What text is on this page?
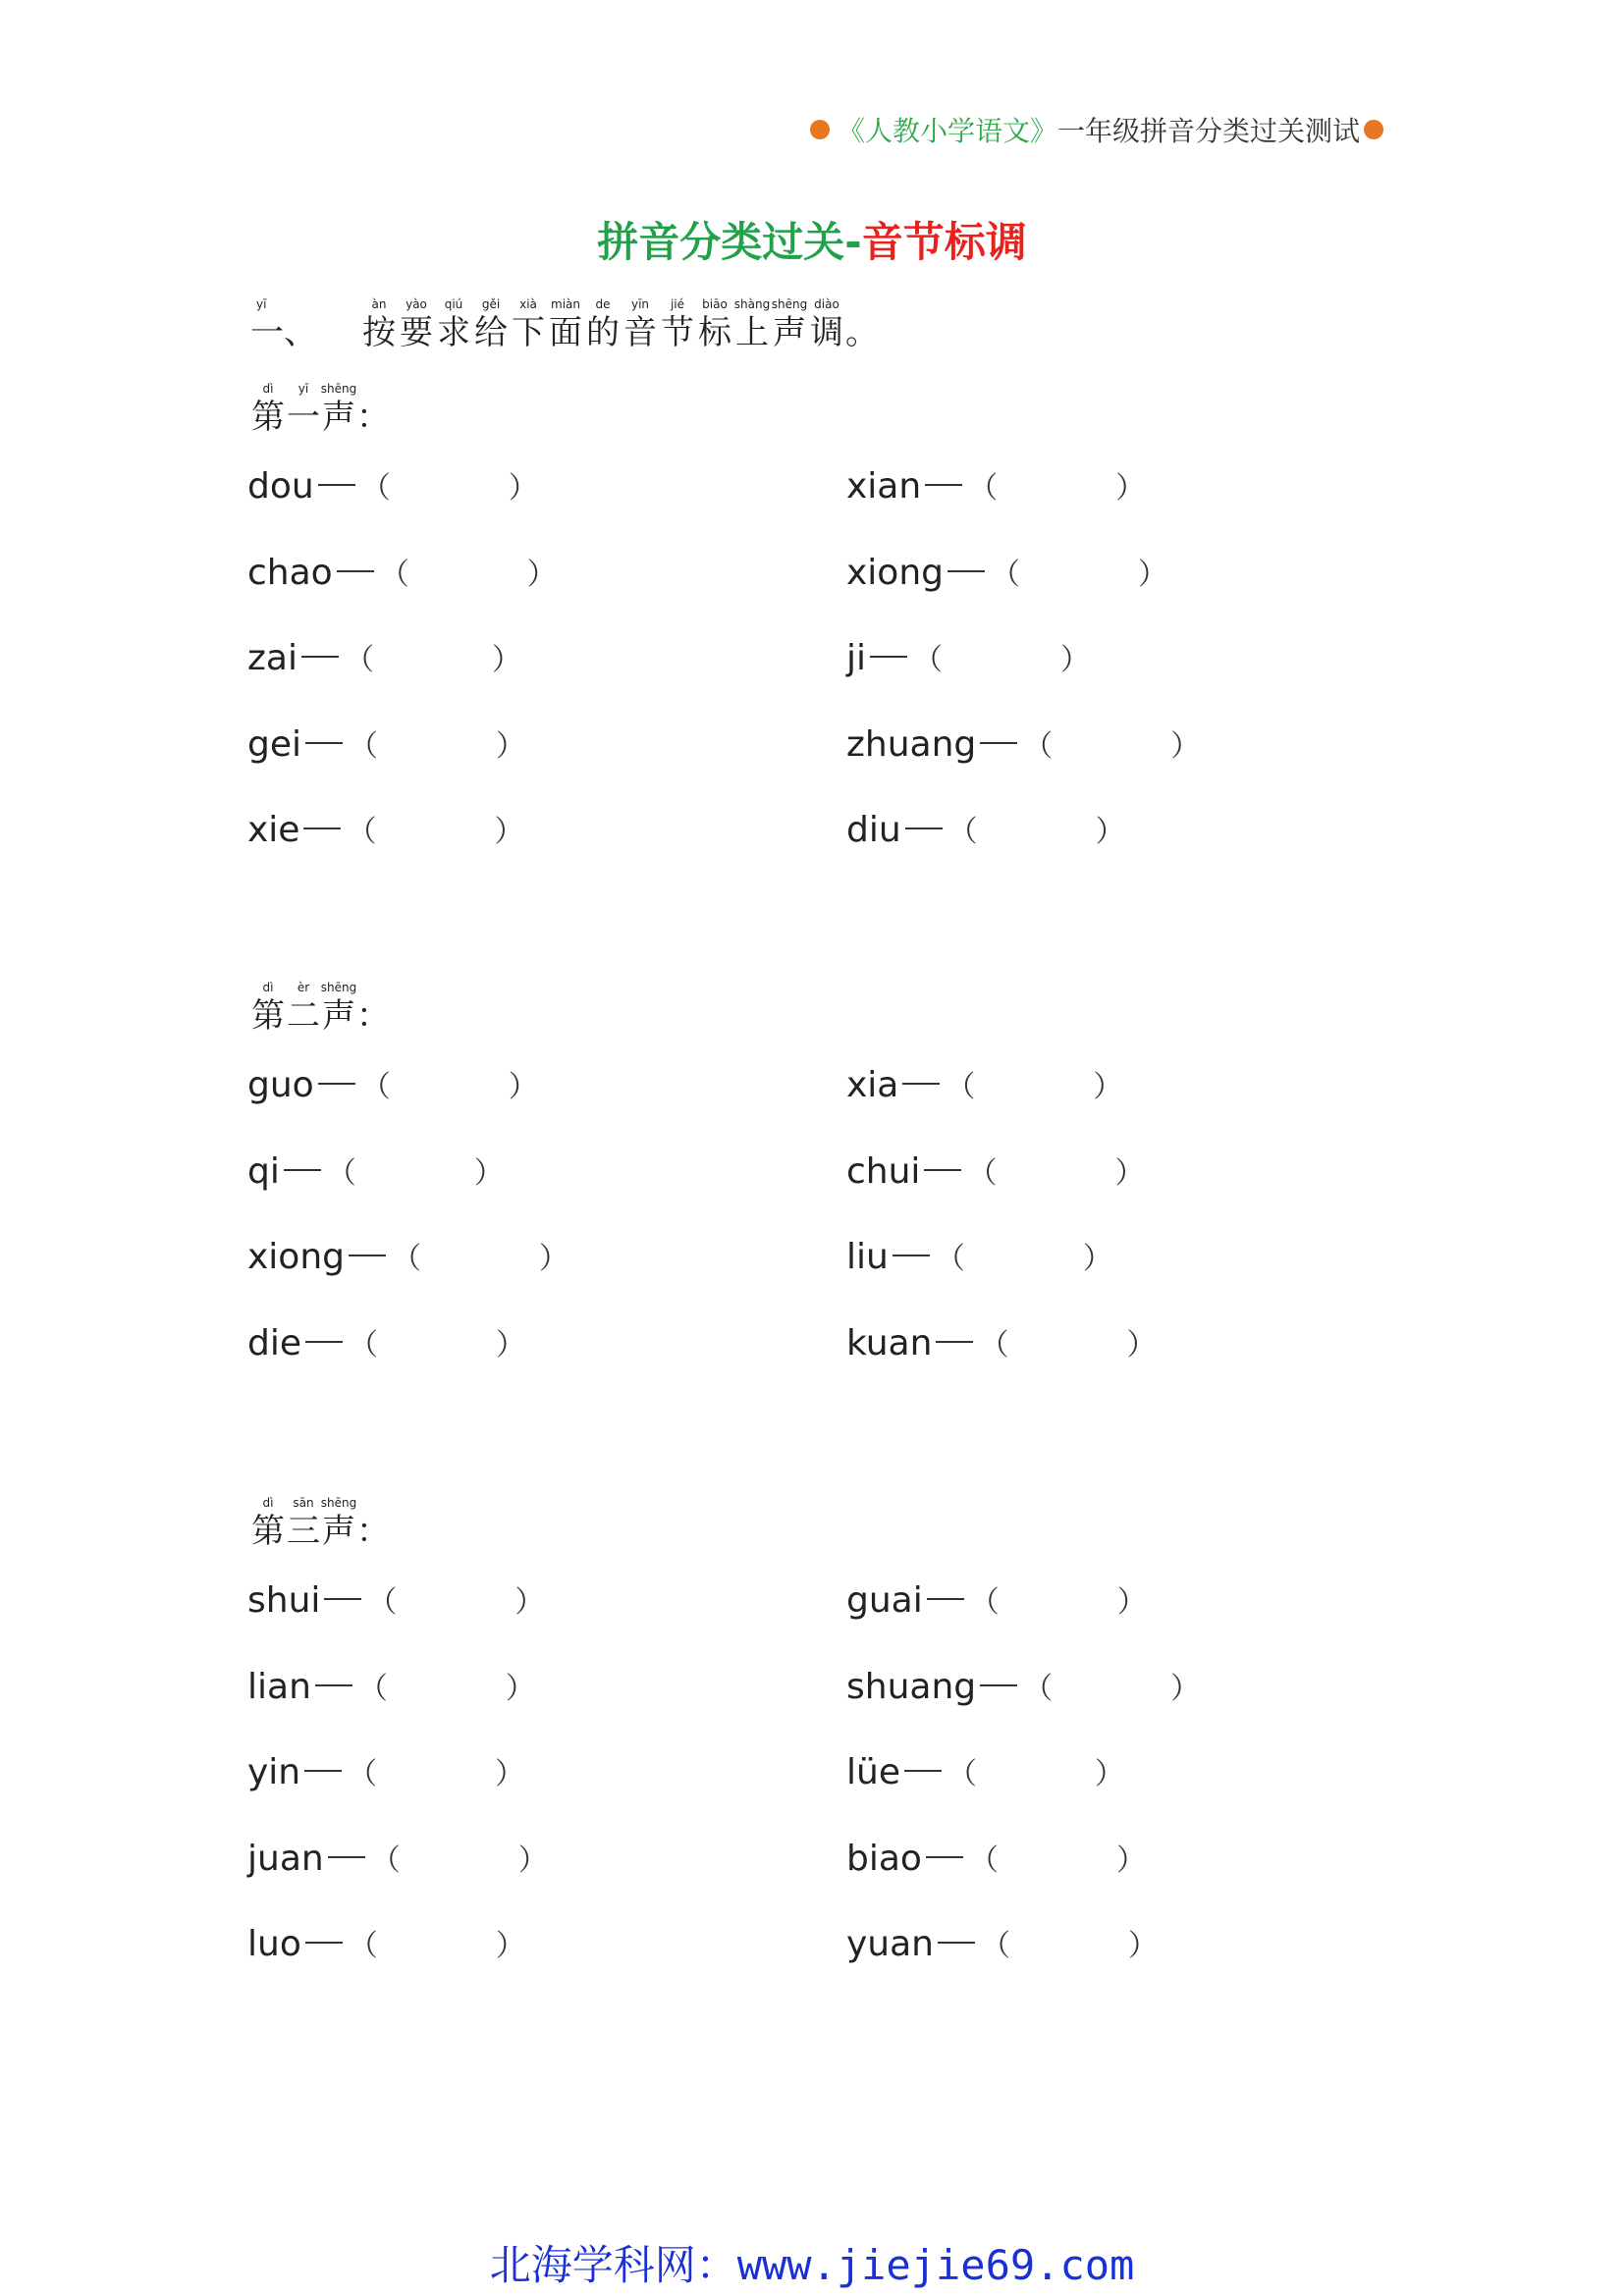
《人教小学语文》 一年级拼音分类过关测试
拼音分类过关-音节标调
yī
一、
àn
按
yào
要
qiú
求
gěi
给
xià
下
miàn
面
de
的
yīn
音
jié
节
biāo
标
shàng
上
shēng
声
diào
调 。
dì
第
yī
一
shēng
声 ：
dì
第
èr
二
shēng
声 ：
dì
第
sān
三
shēng
声 ：
dou （	）
chao （	）
zai （	）
gei （	）
xie （	）
xian （	）
xiong （	）
ji （	）
zhuang （	）
diu （	）
guo （	）
qi （	）
xiong （	）
die （	）
xia （	）
chui （	）
liu （	）
kuan （	）
shui （	）
lian （	）
yin （	）
juan （	）
luo （	）
guai （	）
shuang （	）
lüe （	）
biao （	）
yuan （	）
北海学科网：www.jiejie69.com
